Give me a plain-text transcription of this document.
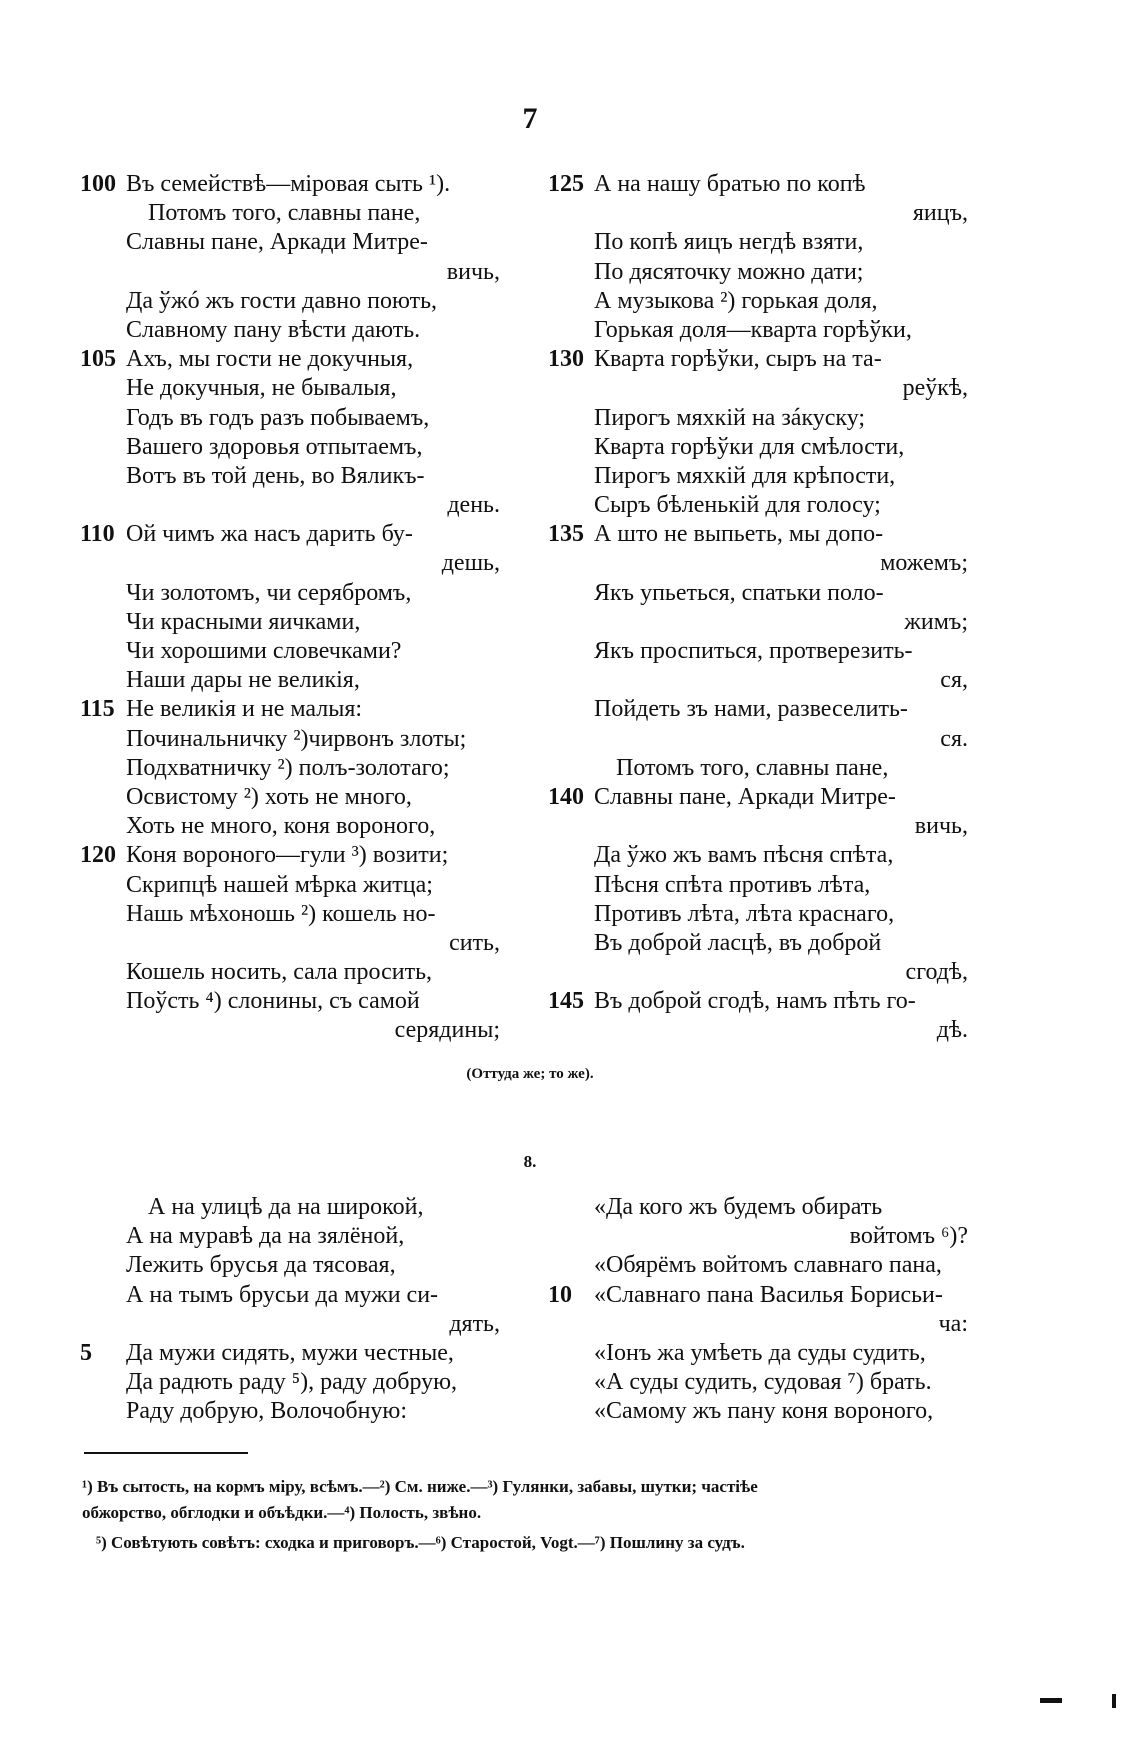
7
100 Въ семействѣ—міровая сыть ¹).
Потомъ того, славны пане,
Славны пане, Аркади Митре-
вичь,
Да ўжó жъ гости давно поють,
Славному пану вѣсти дають.
105 Ахъ, мы гости не докучныя,
Не докучныя, не бывалыя,
Годъ въ годъ разъ побываемъ,
Вашего здоровья отпытаемъ,
Вотъ въ той день, во Вяликъ-
день.
110 Ой чимъ жа насъ дарить бу-
дешь,
Чи золотомъ, чи серябромъ,
Чи красными яичками,
Чи хорошими словечками?
Наши дары не великія,
115 Не великія и не малыя:
Починальничку ²)чирвонъ злоты;
Подхватничку ²) полъ-золотаго;
Освистому ²) хоть не много,
Хоть не много, коня вороного,
120 Коня вороного—гули ³) возити;
Скрипцѣ нашей мѣрка житца;
Нашь мѣхоношь ²) кошель но-
сить,
Кошель носить, сала просить,
Поўсть ⁴) слонины, съ самой
серядины;
125 А на нашу братью по копѣ
яицъ,
По копѣ яицъ негдѣ взяти,
По дясяточку можно дати;
А музыкова ²) горькая доля,
Горькая доля—кварта горѣўки,
130 Кварта горѣўки, сыръ на та-
реўкѣ,
Пирогъ мяхкій на зáкуску;
Кварта горѣўки для смѣлости,
Пирогъ мяхкій для крѣпости,
Сыръ бѣленькій для голосу;
135 А што не выпьеть, мы допо-
можемъ;
Якъ упьеться, спатьки поло-
жимъ;
Якъ проспиться, протверезить-
ся,
Пойдеть зъ нами, развеселить-
ся.
Потомъ того, славны пане,
140 Славны пане, Аркади Митре-
вичь,
Да ўжо жъ вамъ пѣсня спѣта,
Пѣсня спѣта противъ лѣта,
Противъ лѣта, лѣта краснаго,
Въ доброй ласцѣ, въ доброй
сгодѣ,
145 Въ доброй сгодѣ, намъ пѣть го-
дѣ.
(Оттуда же; то же).
8.
А на улицѣ да на широкой,
А на муравѣ да на зялёной,
Лежить брусья да тясовая,
А на тымъ брусьи да мужи си-
дять,
5 Да мужи сидять, мужи честные,
Да радють раду ⁵), раду добрую,
Раду добрую, Волочобную:
«Да кого жъ будемъ обирать
войтомъ ⁶)?
«Обярёмъ войтомъ славнаго пана,
10 «Славнаго пана Василья Борисьи-
ча:
«Іонъ жа умѣеть да суды судить,
«А суды судить, судовая ⁷) брать.
«Самому жъ пану коня вороного,
¹) Въ сытость, на кормъ міру, всѣмъ.—²) См. ниже.—³) Гулянки, забавы, шутки; частіѣе
обжорство, обглодки и объѣдки.—⁴) Полость, звѣно.
⁵) Совѣтують совѣтъ: сходка и приговоръ.—⁶) Старостой, Vogt.—⁷) Пошлину за судъ.
